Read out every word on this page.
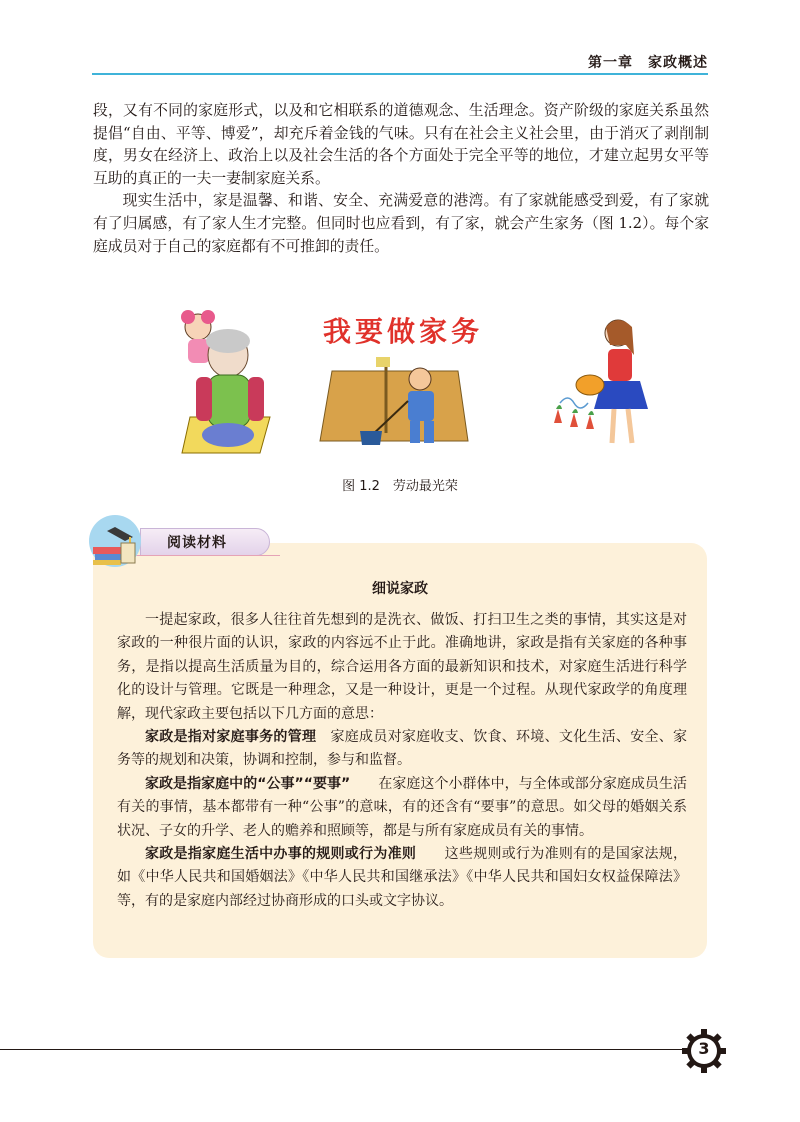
第一章　家政概述

段，又有不同的家庭形式，以及和它相联系的道德观念、生活理念。资产阶级的家庭关系虽然提倡“自由、平等、博爱”，却充斥着金钱的气味。只有在社会主义社会里，由于消灭了剥削制度，男女在经济上、政治上以及社会生活的各个方面处于完全平等的地位，才建立起男女平等互助的真正的一夫一妻制家庭关系。

现实生活中，家是温馨、和谐、安全、充满爱意的港湾。有了家就能感受到爱，有了家就有了归属感，有了家人生才完整。但同时也应看到，有了家，就会产生家务（图 1.2）。每个家庭成员对于自己的家庭都有不可推卸的责任。

我要做家务
图 1.2　劳动最光荣
阅读材料
细说家政

一提起家政，很多人往往首先想到的是洗衣、做饭、打扫卫生之类的事情，其实这是对家政的一种很片面的认识，家政的内容远不止于此。准确地讲，家政是指有关家庭的各种事务，是指以提高生活质量为目的，综合运用各方面的最新知识和技术，对家庭生活进行科学化的设计与管理。它既是一种理念，又是一种设计，更是一个过程。从现代家政学的角度理解，现代家政主要包括以下几方面的意思：

家政是指对家庭事务的管理　家庭成员对家庭收支、饮食、环境、文化生活、安全、家务等的规划和决策，协调和控制，参与和监督。

家政是指家庭中的“公事”“要事”　　在家庭这个小群体中，与全体或部分家庭成员生活有关的事情，基本都带有一种“公事”的意味，有的还含有“要事”的意思。如父母的婚姻关系状况、子女的升学、老人的赡养和照顾等，都是与所有家庭成员有关的事情。

家政是指家庭生活中办事的规则或行为准则　　这些规则或行为准则有的是国家法规，如《中华人民共和国婚姻法》《中华人民共和国继承法》《中华人民共和国妇女权益保障法》等，有的是家庭内部经过协商形成的口头或文字协议。

3
